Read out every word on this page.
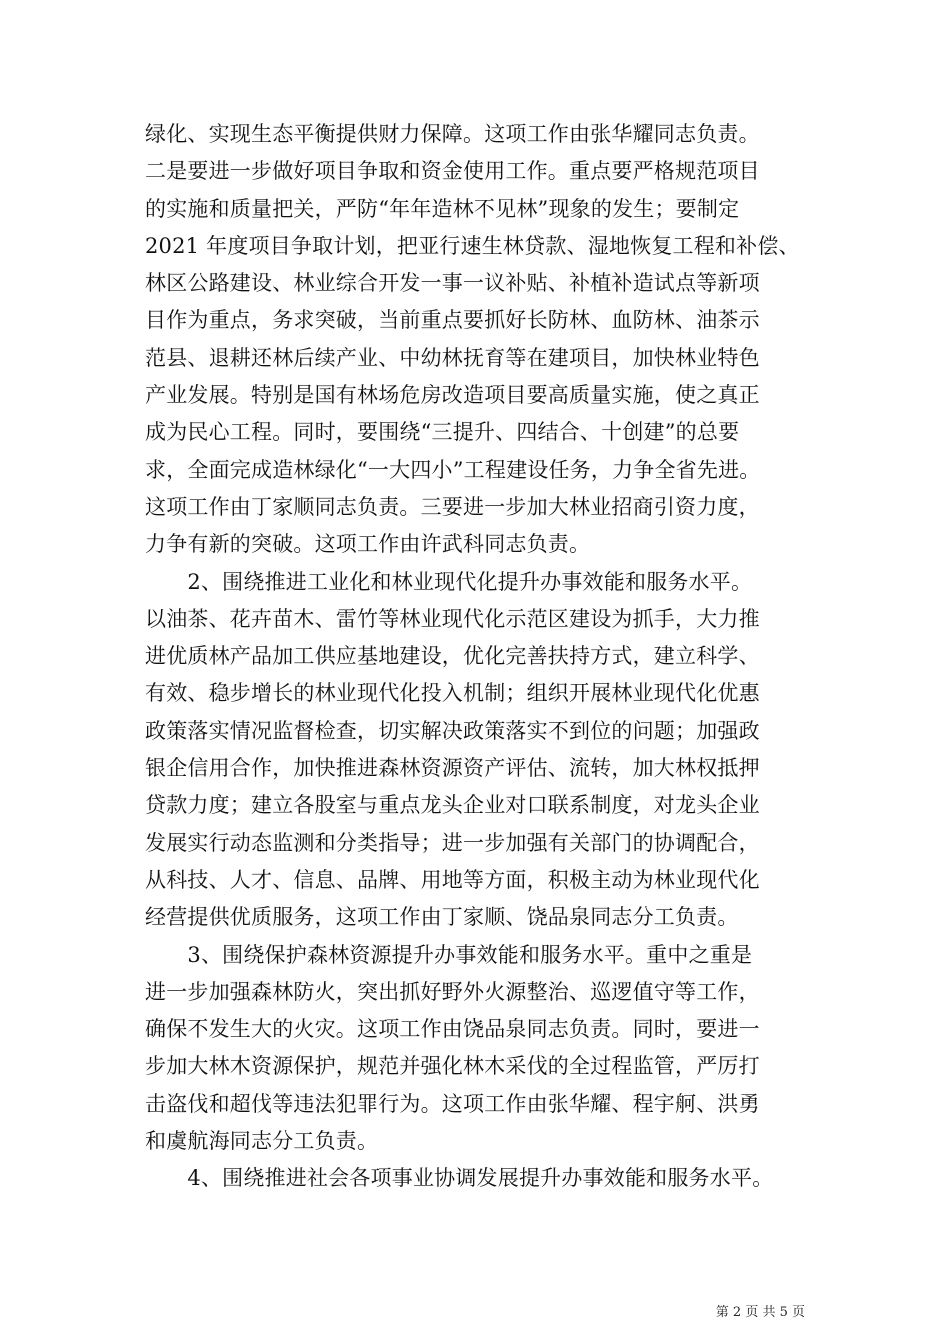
绿化、实现生态平衡提供财力保障。这项工作由张华耀同志负责。
二是要进一步做好项目争取和资金使用工作。重点要严格规范项目
的实施和质量把关，严防“年年造林不见林”现象的发生；要制定
2021 年度项目争取计划，把亚行速生林贷款、湿地恢复工程和补偿、
林区公路建设、林业综合开发一事一议补贴、补植补造试点等新项
目作为重点，务求突破，当前重点要抓好长防林、血防林、油茶示
范县、退耕还林后续产业、中幼林抚育等在建项目，加快林业特色
产业发展。特别是国有林场危房改造项目要高质量实施，使之真正
成为民心工程。同时，要围绕“三提升、四结合、十创建”的总要
求，全面完成造林绿化“一大四小”工程建设任务，力争全省先进。
这项工作由丁家顺同志负责。三要进一步加大林业招商引资力度，
力争有新的突破。这项工作由许武科同志负责。
　　2、围绕推进工业化和林业现代化提升办事效能和服务水平。
以油茶、花卉苗木、雷竹等林业现代化示范区建设为抓手，大力推
进优质林产品加工供应基地建设，优化完善扶持方式，建立科学、
有效、稳步增长的林业现代化投入机制；组织开展林业现代化优惠
政策落实情况监督检查，切实解决政策落实不到位的问题；加强政
银企信用合作，加快推进森林资源资产评估、流转，加大林权抵押
贷款力度；建立各股室与重点龙头企业对口联系制度，对龙头企业
发展实行动态监测和分类指导；进一步加强有关部门的协调配合，
从科技、人才、信息、品牌、用地等方面，积极主动为林业现代化
经营提供优质服务，这项工作由丁家顺、饶品泉同志分工负责。
　　3、围绕保护森林资源提升办事效能和服务水平。重中之重是
进一步加强森林防火，突出抓好野外火源整治、巡逻值守等工作，
确保不发生大的火灾。这项工作由饶品泉同志负责。同时，要进一
步加大林木资源保护，规范并强化林木采伐的全过程监管，严厉打
击盗伐和超伐等违法犯罪行为。这项工作由张华耀、程宇舸、洪勇
和虞航海同志分工负责。
　　4、围绕推进社会各项事业协调发展提升办事效能和服务水平。
第 2 页 共 5 页
